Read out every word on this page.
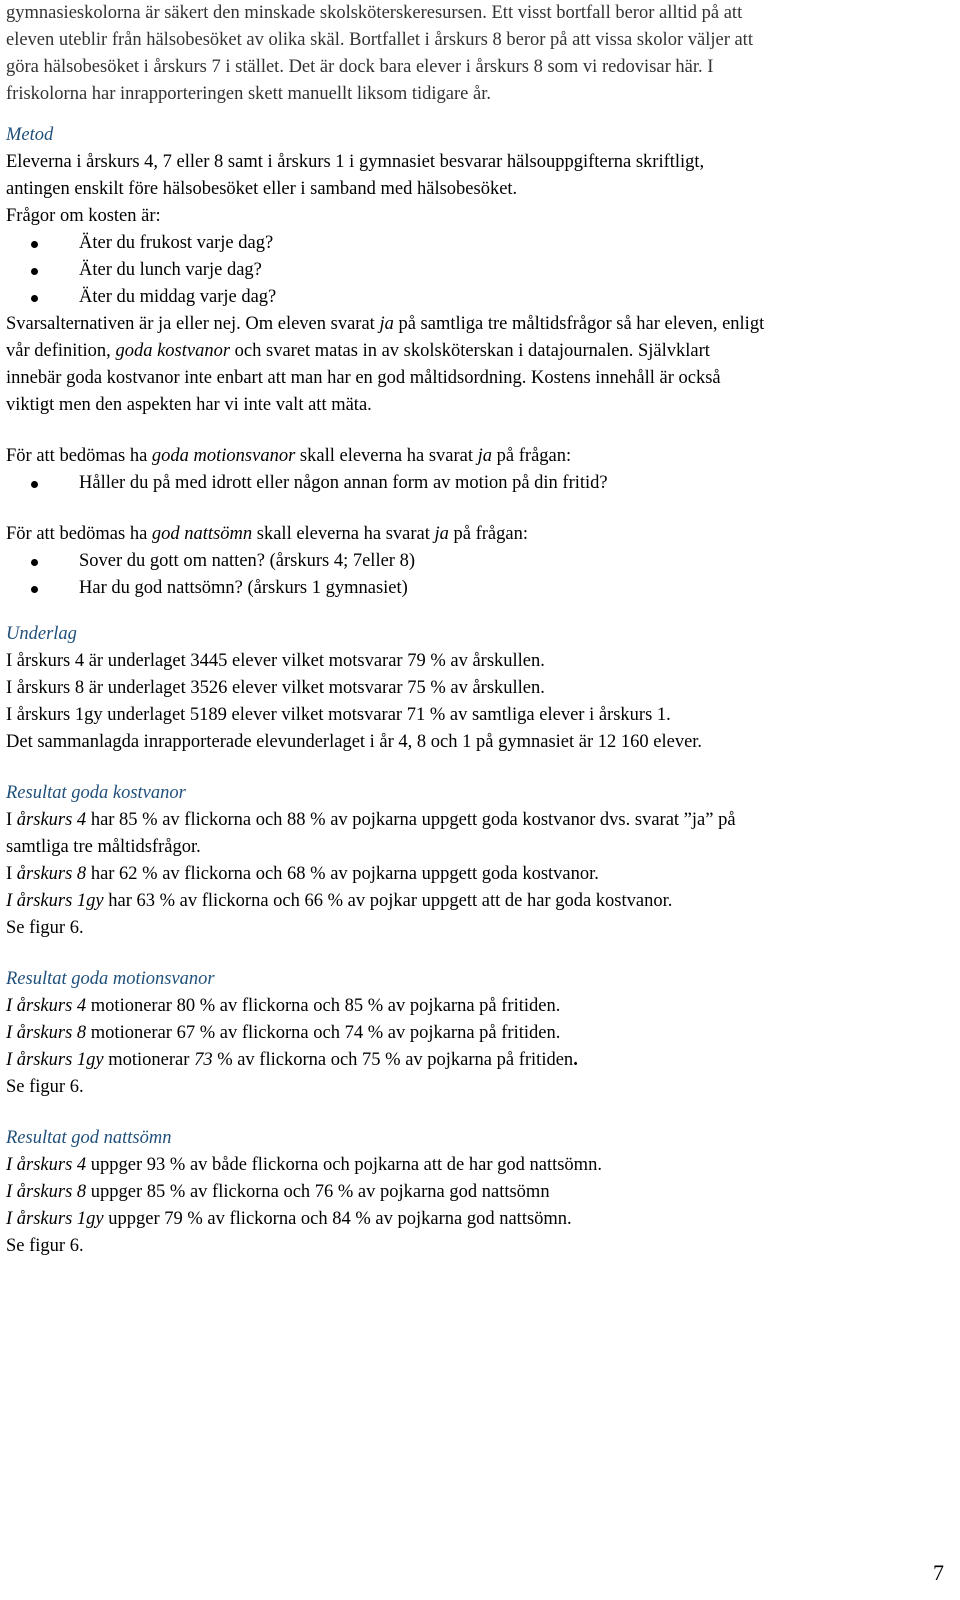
gymnasieskolorna är säkert den minskade skolsköterskeresursen. Ett visst bortfall beror alltid på att

eleven uteblir från hälsobesöket av olika skäl. Bortfallet i årskurs 8 beror på att vissa skolor väljer att

göra hälsobesöket i årskurs 7 i stället. Det är dock bara elever i årskurs 8 som vi redovisar här. I

friskolorna har inrapporteringen skett manuellt liksom tidigare år.

Metod

Eleverna i årskurs 4, 7 eller 8 samt i årskurs 1 i gymnasiet besvarar hälsouppgifterna skriftligt,

antingen enskilt före hälsobesöket eller i samband med hälsobesöket.

Frågor om kosten är:

Äter du frukost varje dag?
Äter du lunch varje dag?
Äter du middag varje dag?

Svarsalternativen är ja eller nej. Om eleven svarat ja på samtliga tre måltidsfrågor så har eleven, enligt

vår definition, goda kostvanor och svaret matas in av skolsköterskan i datajournalen. Självklart

innebär goda kostvanor inte enbart att man har en god måltidsordning. Kostens innehåll är också

viktigt men den aspekten har vi inte valt att mäta.

För att bedömas ha goda motionsvanor skall eleverna ha svarat ja på frågan:

Håller du på med idrott eller någon annan form av motion på din fritid?

För att bedömas ha god nattsömn skall eleverna ha svarat ja på frågan:

Sover du gott om natten? (årskurs 4; 7eller 8)
Har du god nattsömn? (årskurs 1 gymnasiet)

Underlag

I årskurs 4 är underlaget 3445 elever vilket motsvarar 79 % av årskullen.

I årskurs 8 är underlaget 3526 elever vilket motsvarar 75 % av årskullen.

I årskurs 1gy underlaget 5189 elever vilket motsvarar 71 % av samtliga elever i årskurs 1.

Det sammanlagda inrapporterade elevunderlaget i år 4, 8 och 1 på gymnasiet är 12 160 elever.

Resultat goda kostvanor

I årskurs 4 har 85 % av flickorna och 88 % av pojkarna uppgett goda kostvanor dvs. svarat ”ja” på

samtliga tre måltidsfrågor.

I årskurs 8 har 62 % av flickorna och 68 % av pojkarna uppgett goda kostvanor.

I årskurs 1gy har 63 % av flickorna och 66 % av pojkar uppgett att de har goda kostvanor.

Se figur 6.

Resultat goda motionsvanor

I årskurs 4 motionerar 80 % av flickorna och 85 % av pojkarna på fritiden.

I årskurs 8 motionerar 67 % av flickorna och 74 % av pojkarna på fritiden.

I årskurs 1gy motionerar 73 % av flickorna och 75 % av pojkarna på fritiden.

Se figur 6.

Resultat god nattsömn

I årskurs 4 uppger 93 % av både flickorna och pojkarna att de har god nattsömn.

I årskurs 8 uppger 85 % av flickorna och 76 % av pojkarna god nattsömn

I årskurs 1gy uppger 79 % av flickorna och 84 % av pojkarna god nattsömn.

Se figur 6.

7
